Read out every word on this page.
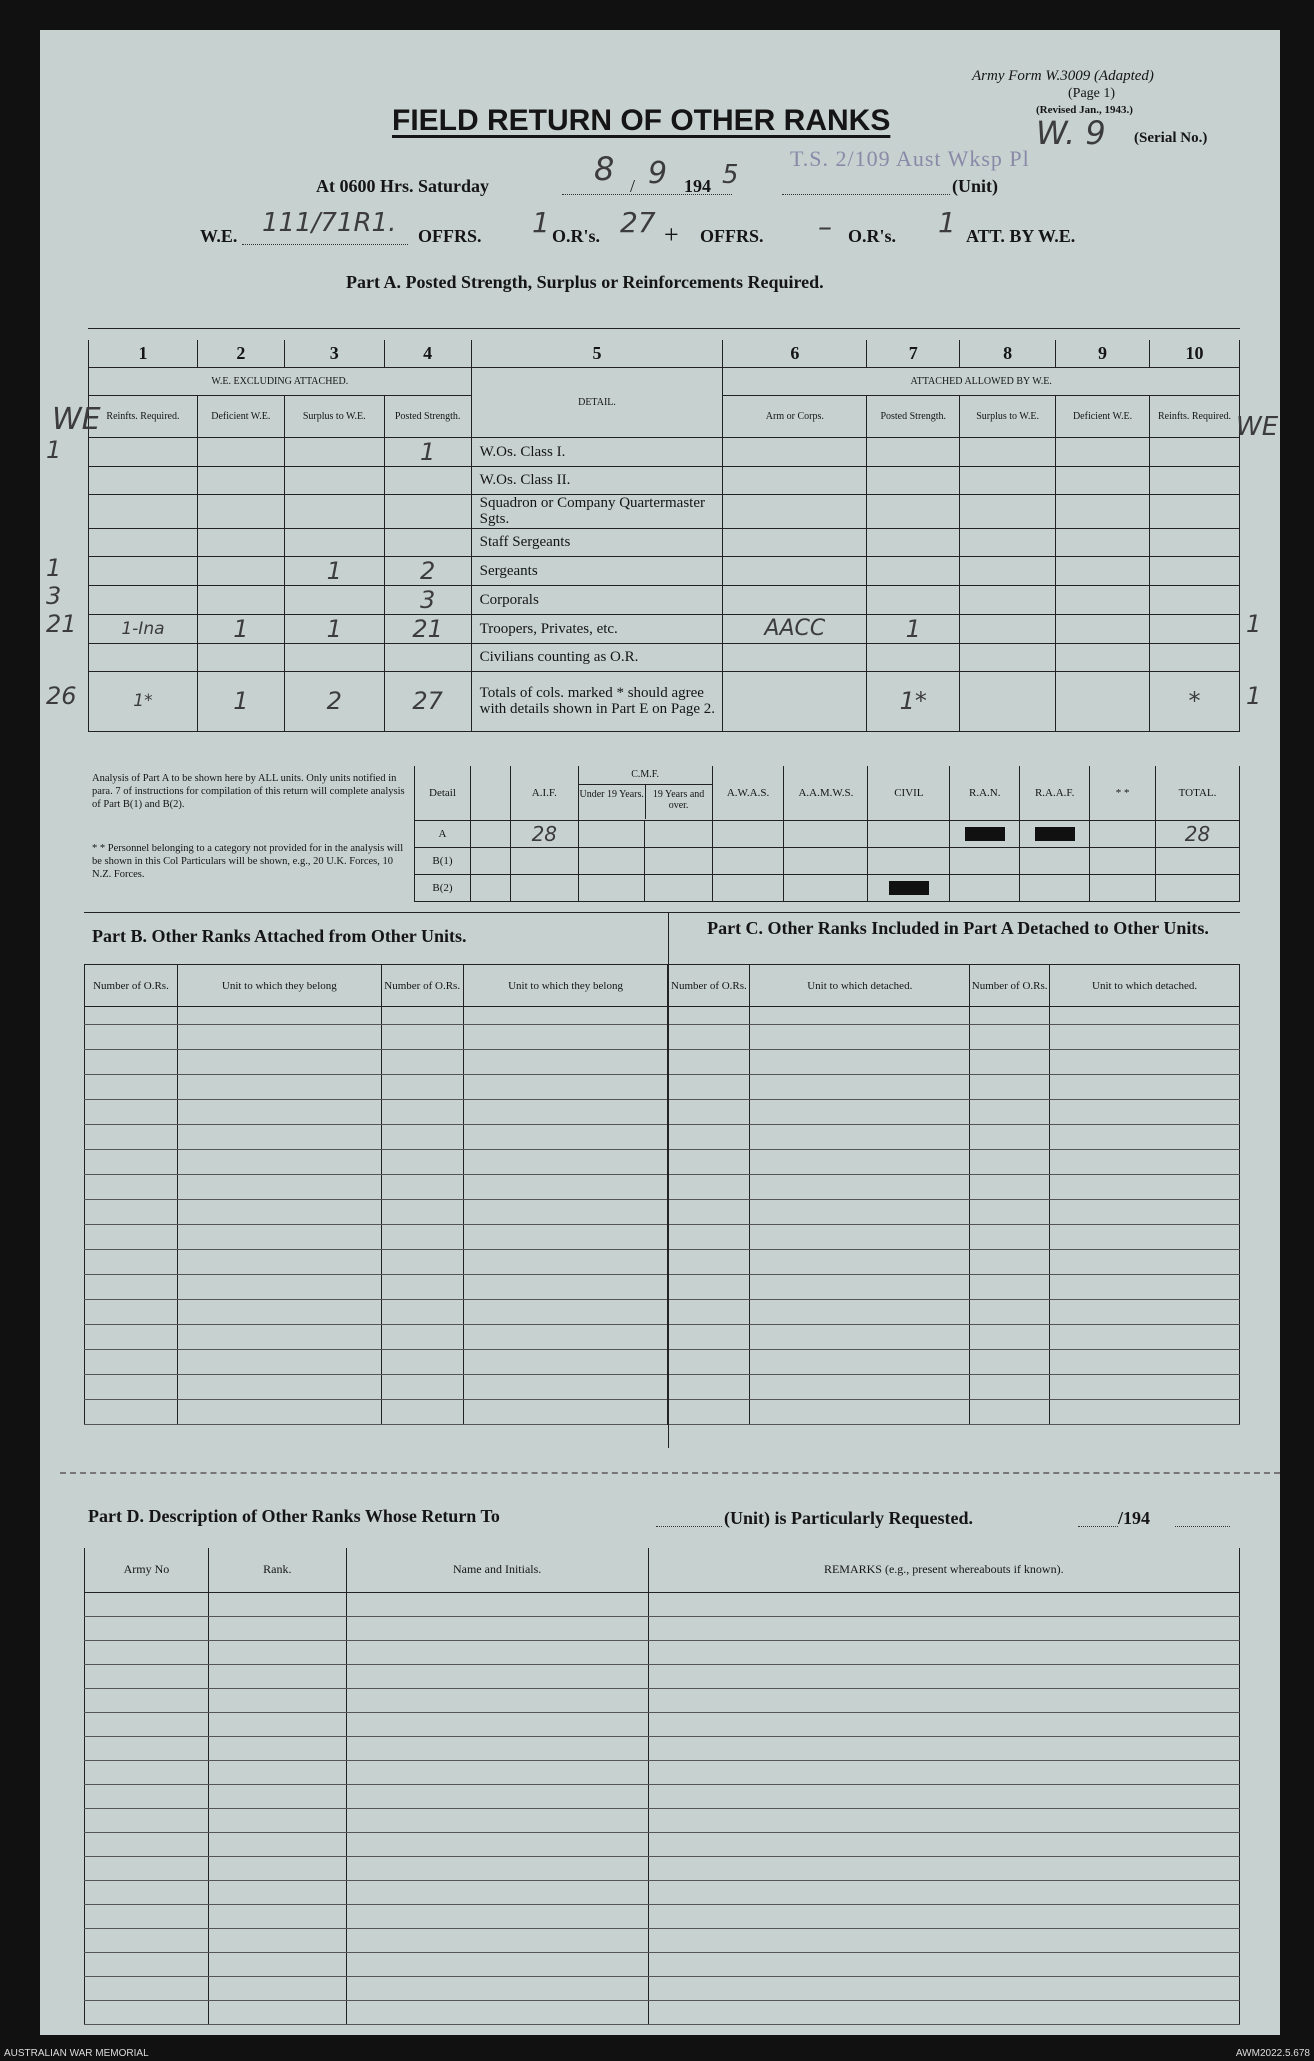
Army Form W.3009 (Adapted)
(Page 1)
(Revised Jan., 1943.)
W. 9 (Serial No.)
FIELD RETURN OF OTHER RANKS
At 0600 Hrs. Saturday	8 / 9 194 5
T.S. 2/109 Aust Wksp Pl
(Unit)
W.E. 111/71R1. OFFRS. 1 O.R's. 27 + OFFRS. – O.R's. 1 ATT. BY W.E.
Part A. Posted Strength, Surplus or Reinforcements Required.
1	2	3	4	5	6	7	8	9	10
W.E. EXCLUDING ATTACHED.				DETAIL.	ATTACHED ALLOWED BY W.E.				
Reinfts. Required.	Deficient W.E.	Surplus to W.E.	Posted Strength.		Arm or Corps.	Posted Strength.	Surplus to W.E.	Deficient W.E.	Reinfts. Required.
			1	W.Os. Class I.					
				W.Os. Class II.					
				Squadron or Company Quartermaster Sgts.					
				Staff Sergeants					
		1	2	Sergeants					
			3	Corporals					
1-Ina	1	1	21	Troopers, Privates, etc.	AACC	1			
				Civilians counting as O.R.					
1*	1	2	27	Totals of cols. marked * should agree with details shown in Part E on Page 2.		1*			*
WE	WE
Analysis of Part A to be shown here by ALL units. Only units notified in para. 7 of instructions for compilation of this return will complete analysis of Part B(1) and B(2).
* * Personnel belonging to a category not provided for in the analysis will be shown in this Col Particulars will be shown, e.g., 20 U.K. Forces, 10 N.Z. Forces.
Detail		A.I.F.	C.M.F.
Under 19 Years. 19 Years and over.		A.W.A.S.	A.A.M.W.S.	CIVIL	R.A.N.	R.A.A.F.	* *	TOTAL.
A		28									28
B(1)											
B(2)							

Part B. Other Ranks Attached from Other Units.	Part C. Other Ranks Included in Part A Detached to Other Units.
Number of O.Rs.	Unit to which they belong	Number of O.Rs.	Unit to which they belong	Number of O.Rs.	Unit to which detached.	Number of O.Rs.	Unit to which detached.

Part D. Description of Other Ranks Whose Return To	(Unit) is Particularly Requested.	/194
Army No	Rank.	Name and Initials.	REMARKS (e.g., present whereabouts if known).

AUSTRALIAN WAR MEMORIAL	AWM2022.5.678
1
1
3
21	1
26	1
